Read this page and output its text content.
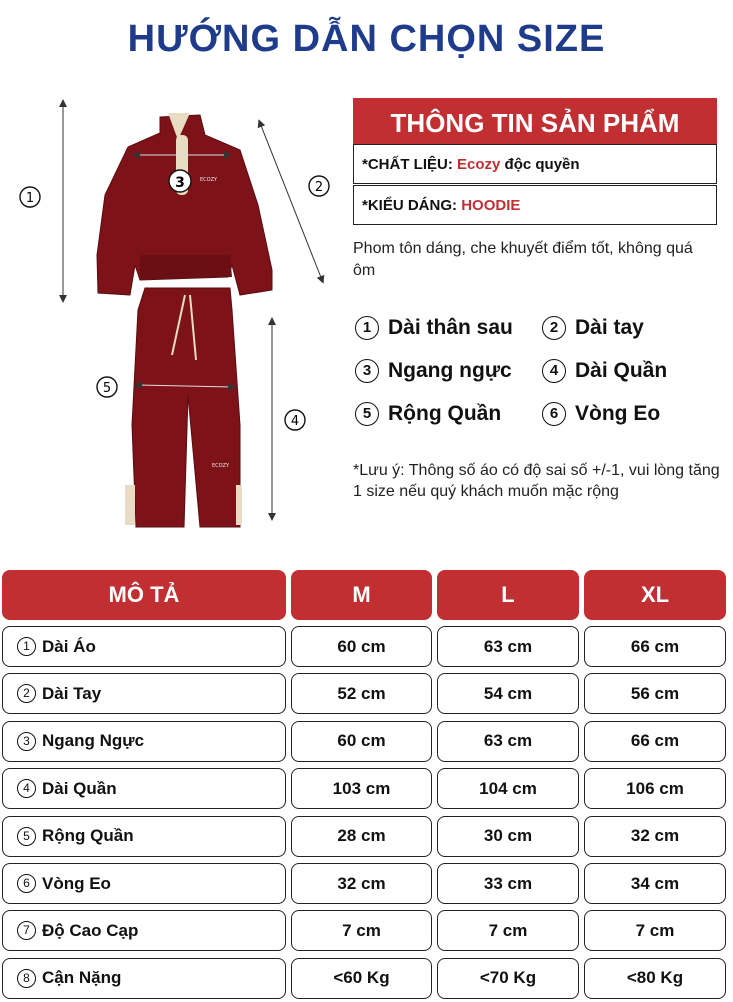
HƯỚNG DẪN CHỌN SIZE
ECOZY
ECOZY
1
2
3
4
5
THÔNG TIN SẢN PHẨM
*CHẤT LIỆU: Ecozy độc quyền
*KIỂU DÁNG: HOODIE
Phom tôn dáng, che khuyết điểm tốt, không quá ôm
1 Dài thân sau	2 Dài tay
3 Ngang ngực	4 Dài Quần
5 Rộng Quần	6 Vòng Eo
*Lưu ý: Thông số áo có độ sai số +/-1, vui lòng tăng 1 size nếu quý khách muốn mặc rộng
MÔ TẢ	M	L	XL
1 Dài Áo	60 cm	63 cm	66 cm
2 Dài Tay	52 cm	54 cm	56 cm
3 Ngang Ngực	60 cm	63 cm	66 cm
4 Dài Quần	103 cm	104 cm	106 cm
5 Rộng Quần	28 cm	30 cm	32 cm
6 Vòng Eo	32 cm	33 cm	34 cm
7 Độ Cao Cạp	7 cm	7 cm	7 cm
8 Cận Nặng	<60 Kg	<70 Kg	<80 Kg
